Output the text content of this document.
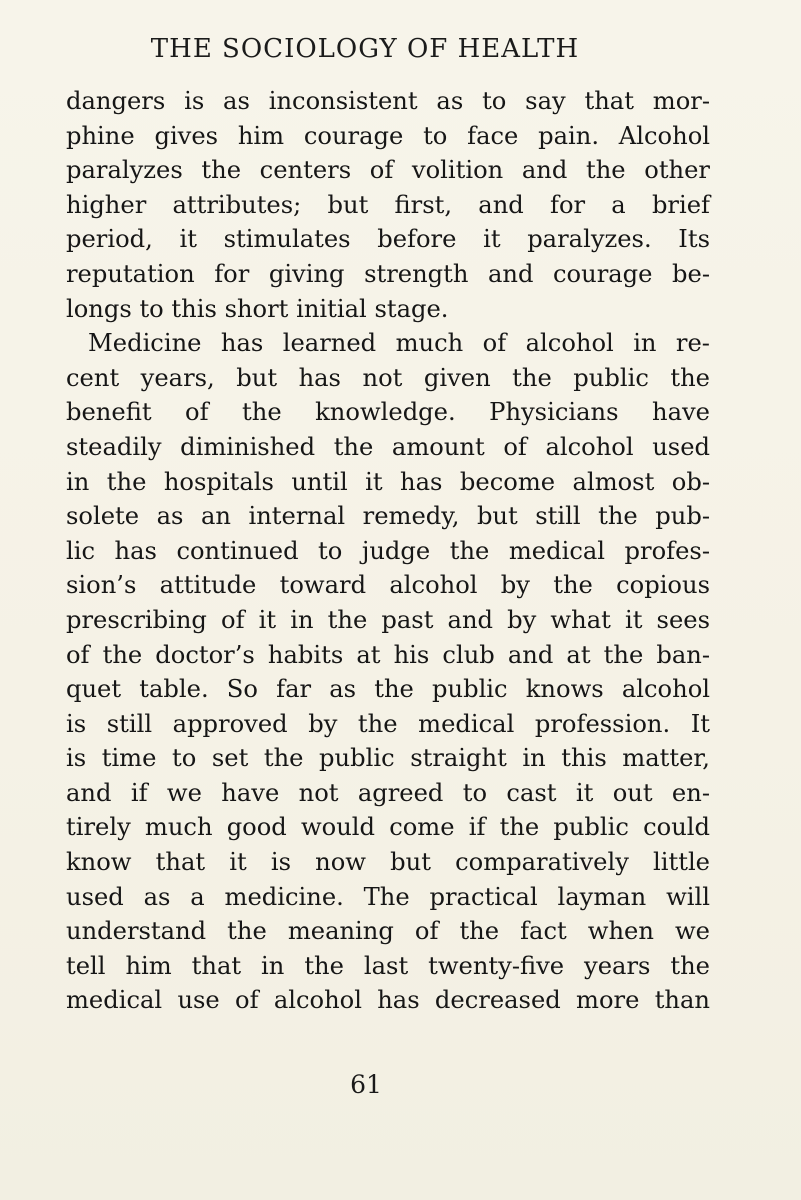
THE SOCIOLOGY OF HEALTH
dangers is as inconsistent as to say that mor-
phine gives him courage to face pain. Alcohol
paralyzes the centers of volition and the other
higher attributes; but first, and for a brief
period, it stimulates before it paralyzes. Its
reputation for giving strength and courage be-
longs to this short initial stage.
Medicine has learned much of alcohol in re-
cent years, but has not given the public the
benefit of the knowledge. Physicians have
steadily diminished the amount of alcohol used
in the hospitals until it has become almost ob-
solete as an internal remedy, but still the pub-
lic has continued to judge the medical profes-
sion’s attitude toward alcohol by the copious
prescribing of it in the past and by what it sees
of the doctor’s habits at his club and at the ban-
quet table. So far as the public knows alcohol
is still approved by the medical profession. It
is time to set the public straight in this matter,
and if we have not agreed to cast it out en-
tirely much good would come if the public could
know that it is now but comparatively little
used as a medicine. The practical layman will
understand the meaning of the fact when we
tell him that in the last twenty-five years the
medical use of alcohol has decreased more than
61
